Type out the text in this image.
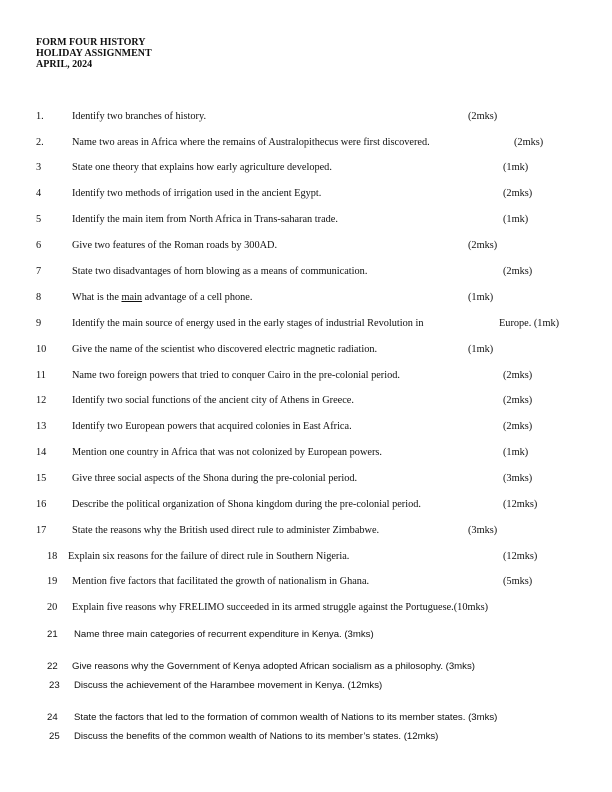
FORM FOUR HISTORY
HOLIDAY ASSIGNMENT
APRIL, 2024
1.	Identify two branches of history.	(2mks)
2.	Name two areas in Africa where the remains of Australopithecus were first discovered.	(2mks)
3	State one theory that explains how early agriculture developed.	(1mk)
4	Identify two methods of irrigation used in the ancient Egypt.	(2mks)
5	Identify the main item from North Africa in Trans-saharan trade.	(1mk)
6	Give two features of the Roman roads by 300AD.	(2mks)
7	State two disadvantages of horn blowing as a means of communication.	(2mks)
8	What is the main advantage of a cell phone.	(1mk)
9	Identify the main source of energy used in the early stages of industrial Revolution in	Europe. (1mk)
10 Give the name of the scientist who discovered electric magnetic radiation.	(1mk)
11	Name two foreign powers that tried to conquer Cairo in the pre-colonial period.	(2mks)
12 Identify two social functions of the ancient city of Athens in Greece.	(2mks)
13 Identify two European powers that acquired colonies in East Africa.	(2mks)
14 Mention one country in Africa that was not colonized by European powers.	(1mk)
15 Give three social aspects of the Shona during the pre-colonial period.	(3mks)
16 Describe the political organization of Shona kingdom during the pre-colonial period.	(12mks)
17 State the reasons why the British used direct rule to administer Zimbabwe.	(3mks)
18 Explain six reasons for the failure of direct rule in Southern Nigeria.	(12mks)
19 Mention five factors that facilitated the growth of nationalism in Ghana.	(5mks)
20 Explain five reasons why FRELIMO succeeded in its armed struggle against the Portuguese.(10mks)
21 Name three main categories of recurrent expenditure in Kenya. (3mks)
22 Give reasons why the Government of Kenya adopted African socialism as a philosophy. (3mks)
23 Discuss the achievement of the Harambee movement in Kenya. (12mks)
24 State the factors that led to the formation of common wealth of Nations to its member states. (3mks)
25 Discuss the benefits of the common wealth of Nations to its member’s states. (12mks)
